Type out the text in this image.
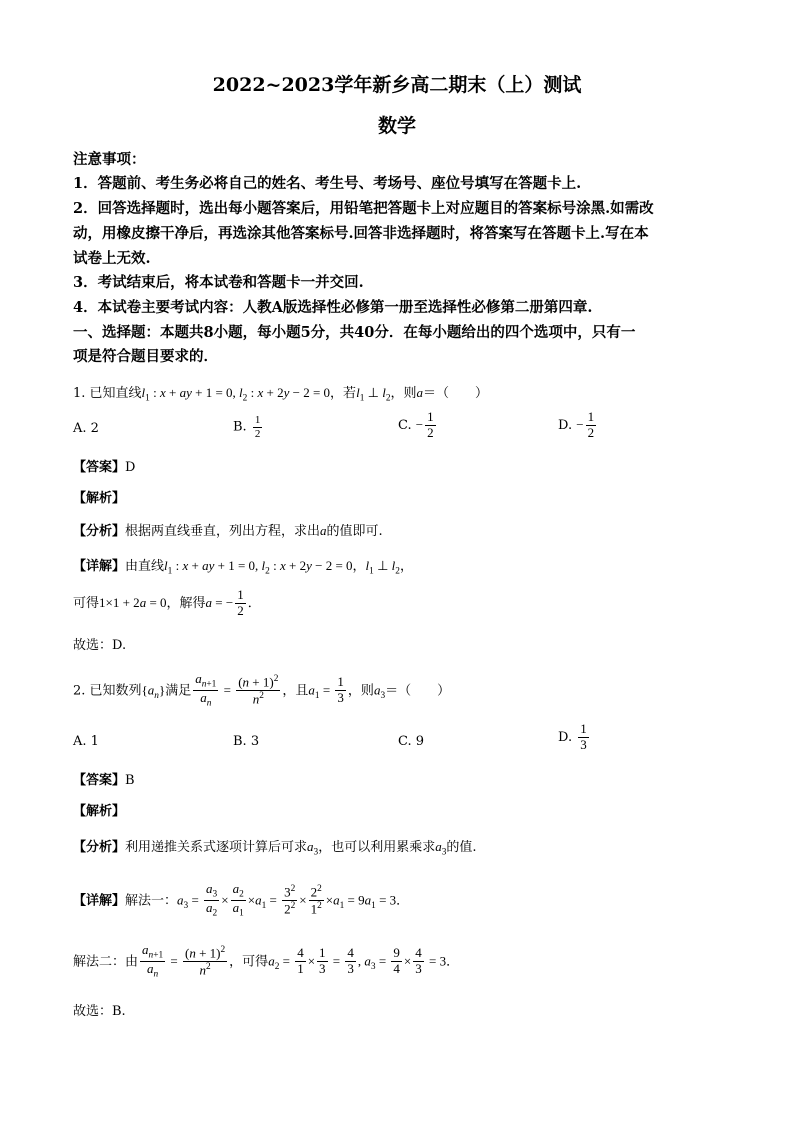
2022~2023学年新乡高二期末（上）测试
数学
注意事项：
1．答题前、考生务必将自己的姓名、考生号、考场号、座位号填写在答题卡上.
2．回答选择题时，选出每小题答案后，用铅笔把答题卡上对应题目的答案标号涂黑.如需改
动，用橡皮擦干净后，再选涂其他答案标号.回答非选择题时，将答案写在答题卡上.写在本
试卷上无效.
3．考试结束后，将本试卷和答题卡一并交回.
4．本试卷主要考试内容：人教A版选择性必修第一册至选择性必修第二册第四章.
一、选择题：本题共8小题，每小题5分，共40分．在每小题给出的四个选项中，只有一
项是符合题目要求的．
1. 已知直线$l_1$ : x + ay + 1 = 0, $l_2$ : x + 2y − 2 = 0，若$l_1$ ⊥ $l_2$，则a＝（　　）
A. 2	B. $\frac{1}{2}$	C. − $\frac{1}{2}$	D. − $\frac{1}{2}$
【答案】D
【解析】
【分析】根据两直线垂直，列出方程，求出a的值即可.
【详解】由直线$l_1$ : x + ay + 1 = 0, $l_2$ : x + 2y − 2 = 0，$l_1$ ⊥ $l_2$，
可得1×1 + 2a = 0，解得a = − $\frac{1}{2}$ ．
故选：D.
2. 已知数列$\{a_n\}$满足 $\frac{a_{n+1}}{a_n} = \frac{(n + 1)^2}{n^2}$ ，且$a_1 = \frac{1}{3}$ ，则$a_3=$（　　）
A. 1	B. 3	C. 9	D. $\frac{1}{3}$
【答案】B
【解析】
【分析】利用递推关系式逐项计算后可求$a_3$，也可以利用累乘求$a_3$的值.
【详解】解法一：$a_3 = \frac{a_3}{a_2} \times \frac{a_2}{a_1} \times a_1 = \frac{3^2}{2^2} \times \frac{2^2}{1^2} \times a_1 = 9a_1 = 3$．
解法二：由 $\frac{a_{n+1}}{a_n} = \frac{(n + 1)^2}{n^2}$ ，可得$a_2 = \frac{4}{1} \times \frac{1}{3} = \frac{4}{3}$ , $a_3 = \frac{9}{4} \times \frac{4}{3} = 3$．
故选：B.
